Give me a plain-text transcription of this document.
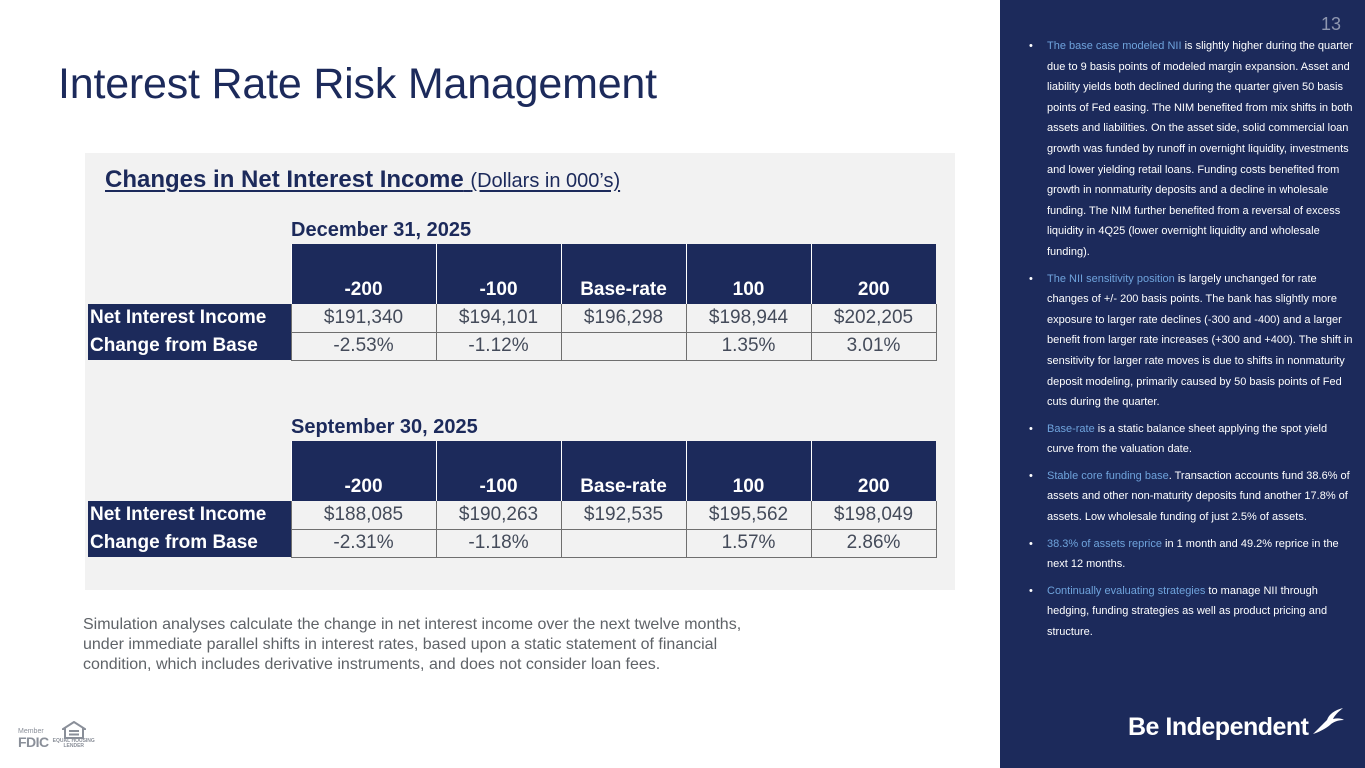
Interest Rate Risk Management
Changes in Net Interest Income (Dollars in 000’s)
December 31, 2025
	-200	-100	Base-rate	100	200
Net Interest Income	$191,340	$194,101	$196,298	$198,944	$202,205
Change from Base	-2.53%	-1.12%		1.35%	3.01%
September 30, 2025
	-200	-100	Base-rate	100	200
Net Interest Income	$188,085	$190,263	$192,535	$195,562	$198,049
Change from Base	-2.31%	-1.18%		1.57%	2.86%

Simulation analyses calculate the change in net interest income over the next twelve months, under immediate parallel shifts in interest rates, based upon a static statement of financial condition, which includes derivative instruments, and does not consider loan fees.

Member
FDIC EQUAL HOUSING
LENDER
13
• The base case modeled NII is slightly higher during the quarter due to 9 basis points of modeled margin expansion. Asset and liability yields both declined during the quarter given 50 basis points of Fed easing. The NIM benefited from mix shifts in both assets and liabilities. On the asset side, solid commercial loan growth was funded by runoff in overnight liquidity, investments and lower yielding retail loans. Funding costs benefited from growth in nonmaturity deposits and a decline in wholesale funding. The NIM further benefited from a reversal of excess liquidity in 4Q25 (lower overnight liquidity and wholesale funding).
• The NII sensitivity position is largely unchanged for rate changes of +/- 200 basis points. The bank has slightly more exposure to larger rate declines (-300 and -400) and a larger benefit from larger rate increases (+300 and +400). The shift in sensitivity for larger rate moves is due to shifts in nonmaturity deposit modeling, primarily caused by 50 basis points of Fed cuts during the quarter.
• Base-rate is a static balance sheet applying the spot yield curve from the valuation date.
• Stable core funding base. Transaction accounts fund 38.6% of assets and other non-maturity deposits fund another 17.8% of assets. Low wholesale funding of just 2.5% of assets.
• 38.3% of assets reprice in 1 month and 49.2% reprice in the next 12 months.
• Continually evaluating strategies to manage NII through hedging, funding strategies as well as product pricing and structure.
Be Independent
